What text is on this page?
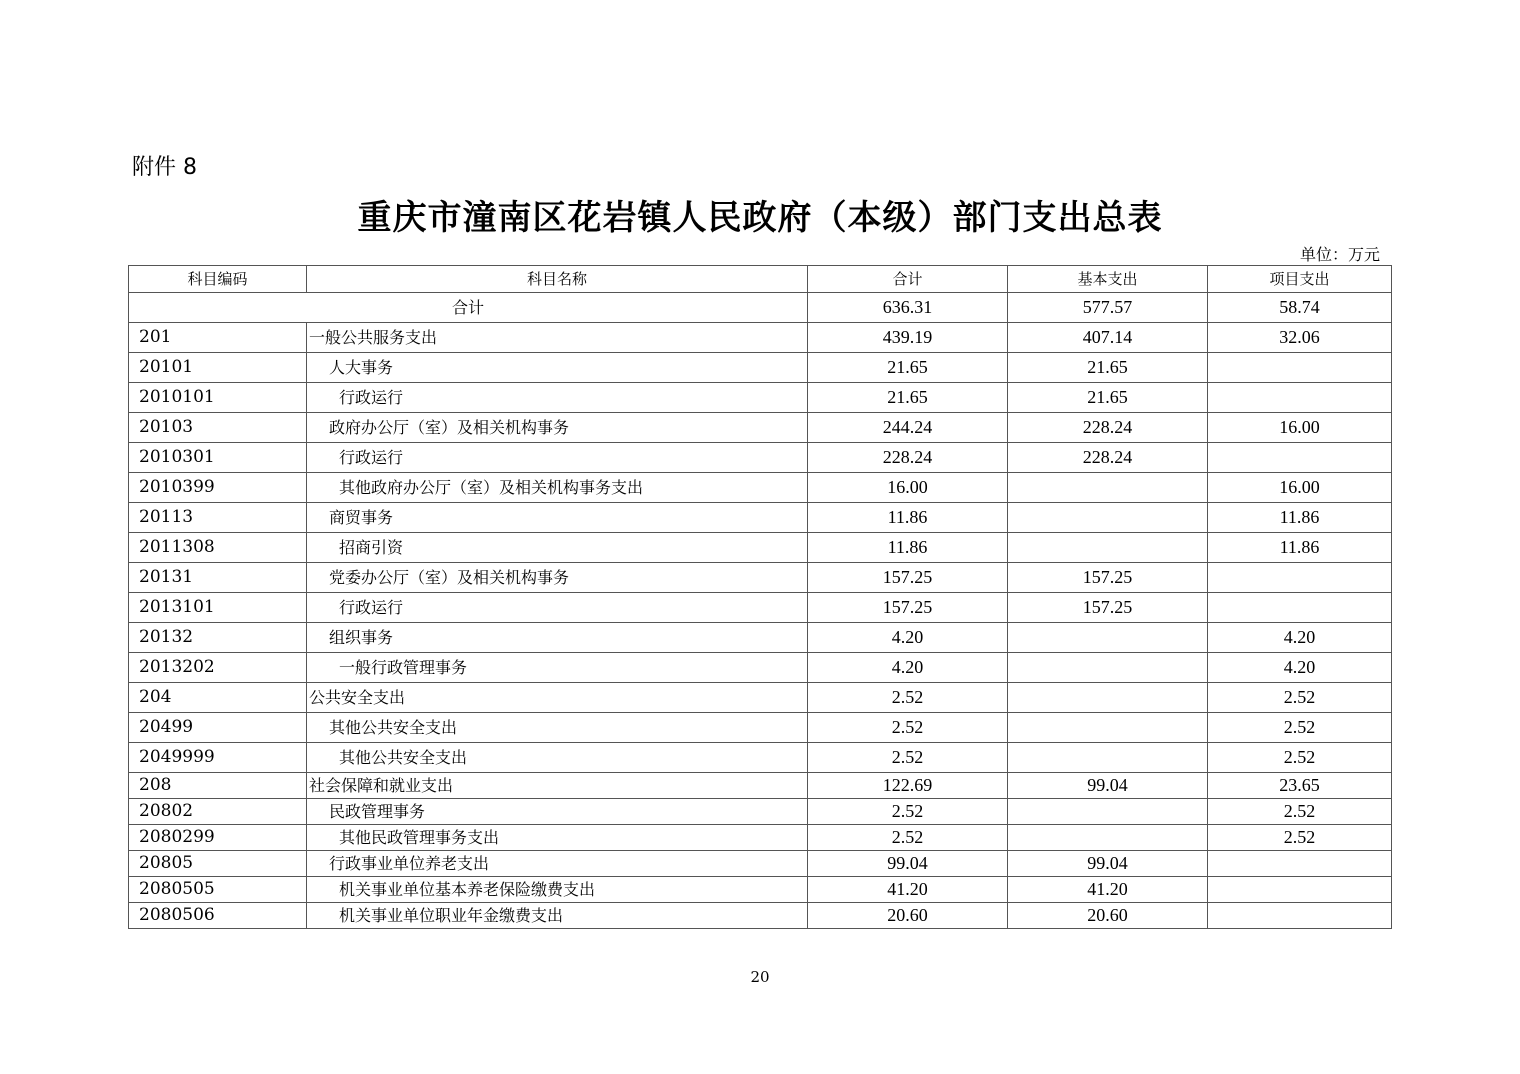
附件 8
重庆市潼南区花岩镇人民政府（本级）部门支出总表
单位：万元
科目编码	科目名称	合计	基本支出	项目支出
合计		636.31	577.57	58.74
201	一般公共服务支出	439.19	407.14	32.06
20101	人大事务	21.65	21.65	
2010101	行政运行	21.65	21.65	
20103	政府办公厅（室）及相关机构事务	244.24	228.24	16.00
2010301	行政运行	228.24	228.24	
2010399	其他政府办公厅（室）及相关机构事务支出	16.00		16.00
20113	商贸事务	11.86		11.86
2011308	招商引资	11.86		11.86
20131	党委办公厅（室）及相关机构事务	157.25	157.25	
2013101	行政运行	157.25	157.25	
20132	组织事务	4.20		4.20
2013202	一般行政管理事务	4.20		4.20
204	公共安全支出	2.52		2.52
20499	其他公共安全支出	2.52		2.52
2049999	其他公共安全支出	2.52		2.52
208	社会保障和就业支出	122.69	99.04	23.65
20802	民政管理事务	2.52		2.52
2080299	其他民政管理事务支出	2.52		2.52
20805	行政事业单位养老支出	99.04	99.04	
2080505	机关事业单位基本养老保险缴费支出	41.20	41.20	
2080506	机关事业单位职业年金缴费支出	20.60	20.60	
20
